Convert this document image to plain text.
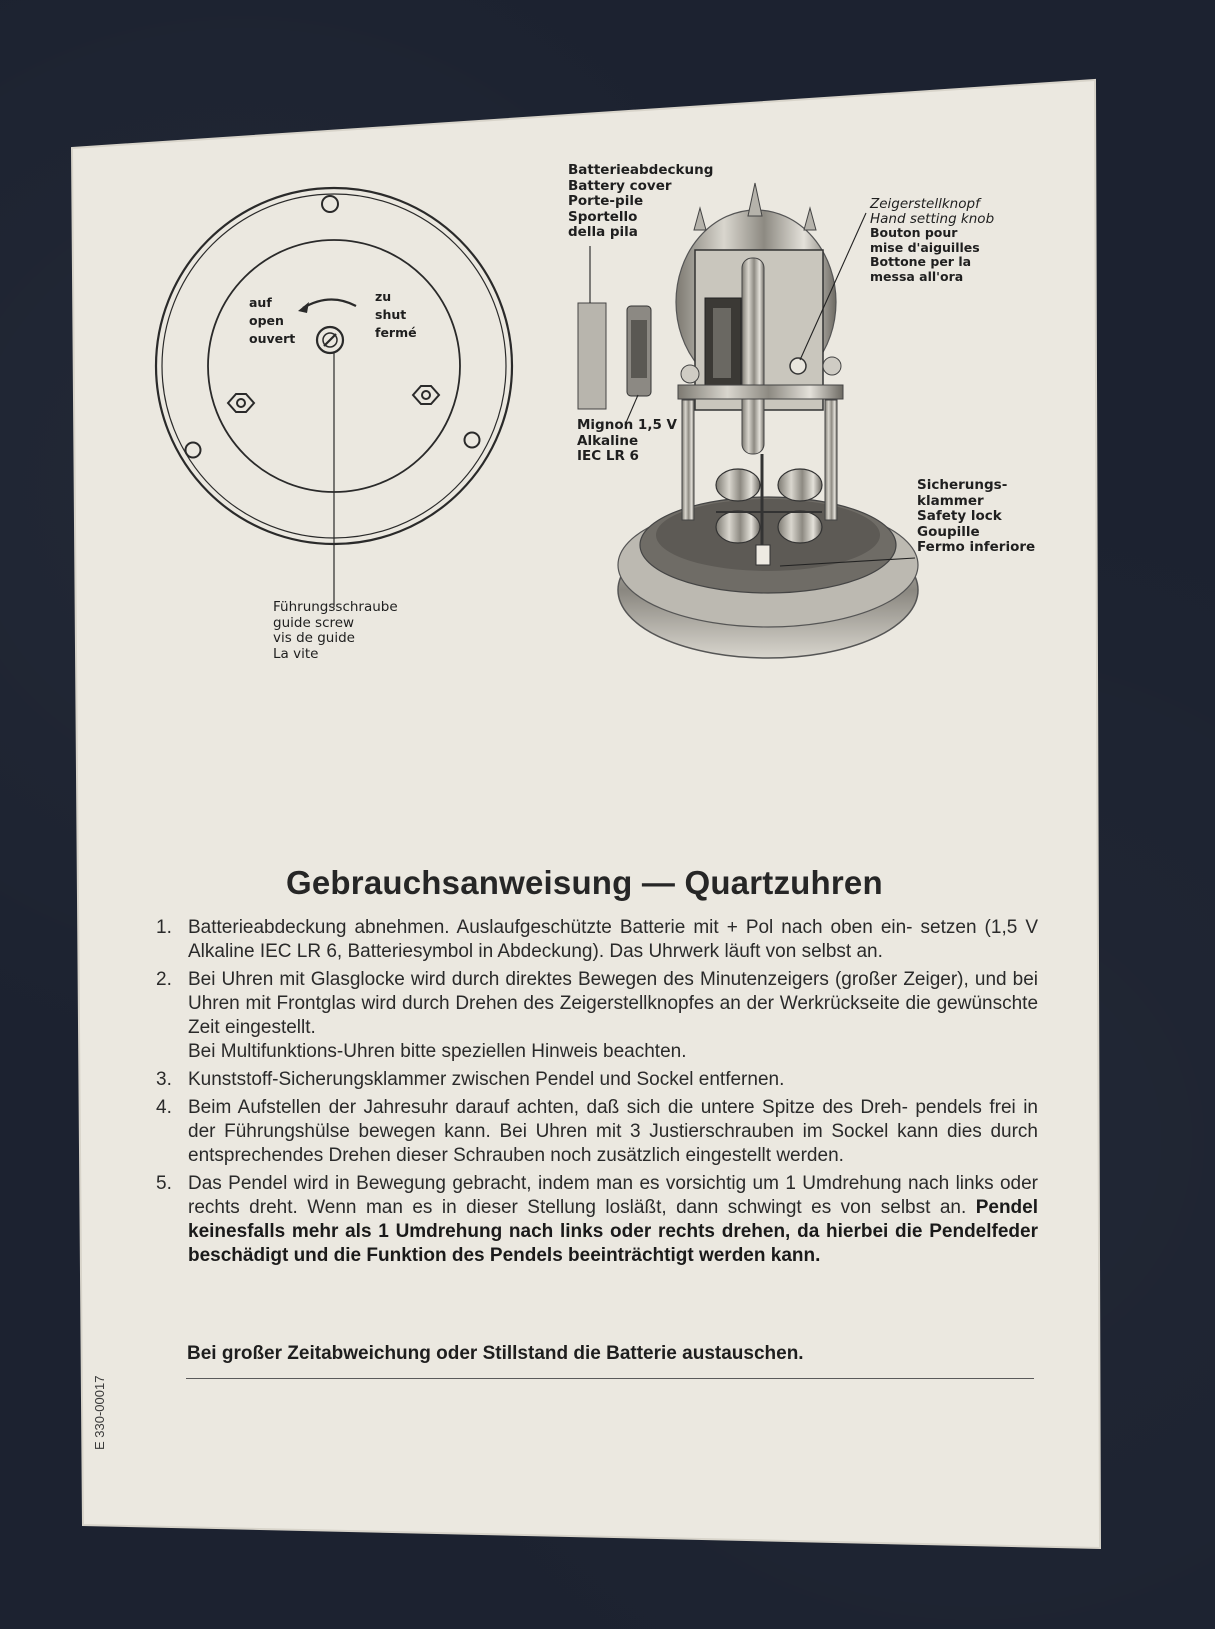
auf
open
ouvert
zu
shut
fermé
Führungsschraube
guide screw
vis de guide
La vite
Batterieabdeckung
Battery cover
Porte-pile
Sportello
della pila
Mignon 1,5 V
Alkaline
IEC LR 6
Zeigerstellknopf
Hand setting knob
Bouton pour
mise d'aiguilles
Bottone per la
messa all'ora
Sicherungs-
klammer
Safety lock
Goupille
Fermo inferiore
Gebrauchsanweisung — Quartzuhren
1. Batterieabdeckung abnehmen. Auslaufgeschützte Batterie mit + Pol nach oben ein- setzen (1,5 V Alkaline IEC LR 6, Batteriesymbol in Abdeckung). Das Uhrwerk läuft von selbst an.

2. Bei Uhren mit Glasglocke wird durch direktes Bewegen des Minutenzeigers (großer Zeiger), und bei Uhren mit Frontglas wird durch Drehen des Zeigerstellknopfes an der Werkrückseite die gewünschte Zeit eingestellt.
Bei Multifunktions-Uhren bitte speziellen Hinweis beachten.

3. Kunststoff-Sicherungsklammer zwischen Pendel und Sockel entfernen.

4. Beim Aufstellen der Jahresuhr darauf achten, daß sich die untere Spitze des Dreh- pendels frei in der Führungshülse bewegen kann. Bei Uhren mit 3 Justierschrauben im Sockel kann dies durch entsprechendes Drehen dieser Schrauben noch zusätzlich eingestellt werden.

5. Das Pendel wird in Bewegung gebracht, indem man es vorsichtig um 1 Umdrehung nach links oder rechts dreht. Wenn man es in dieser Stellung losläßt, dann schwingt es von selbst an. Pendel keinesfalls mehr als 1 Umdrehung nach links oder rechts drehen, da hierbei die Pendelfeder beschädigt und die Funktion des Pendels beeinträchtigt werden kann.

Bei großer Zeitabweichung oder Stillstand die Batterie austauschen.
E 330-00017
